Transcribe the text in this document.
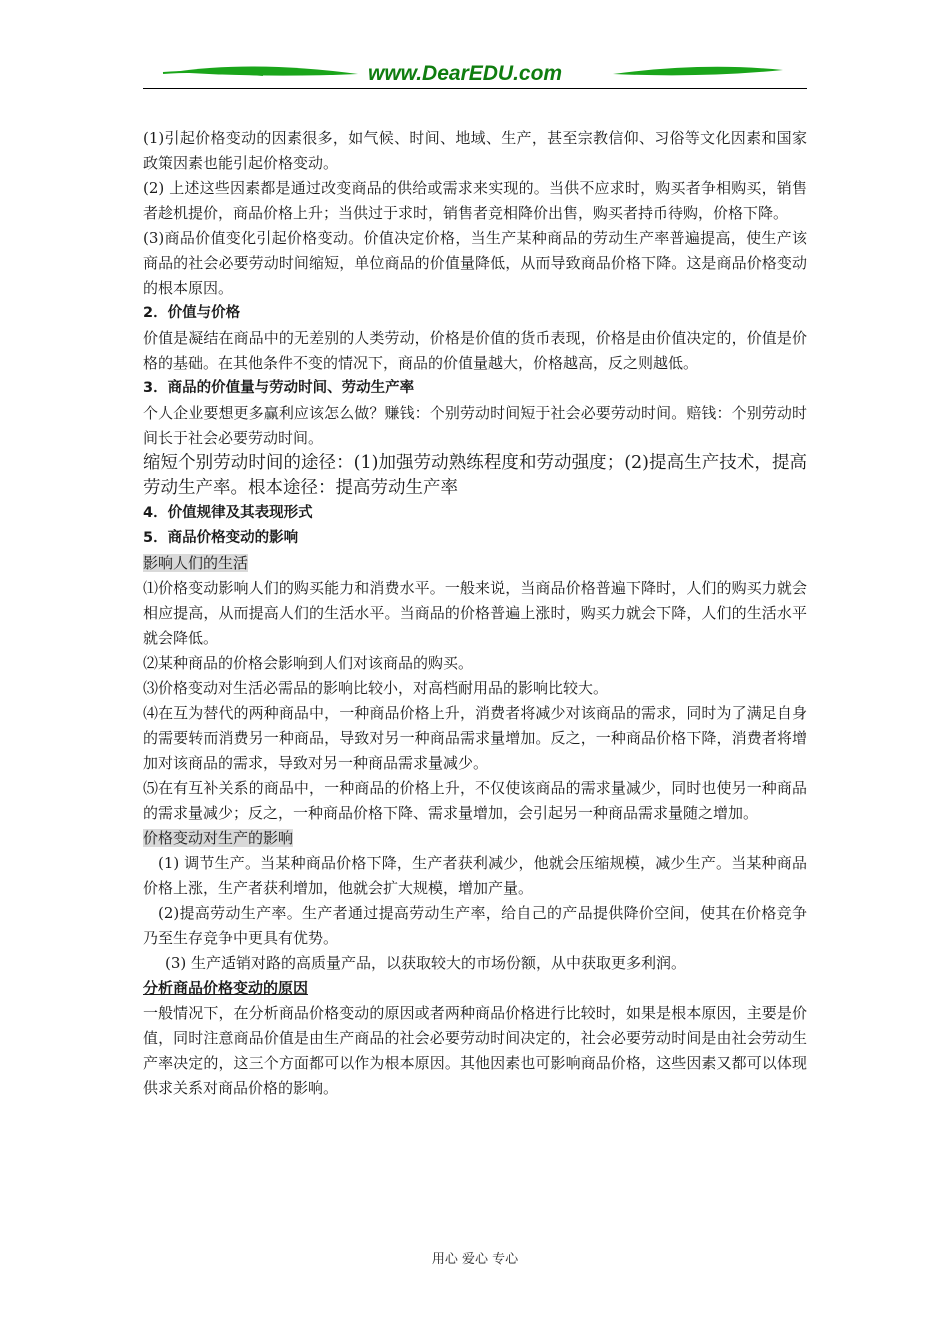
www.DearEDU.com

(1)引起价格变动的因素很多，如气候、时间、地域、生产，甚至宗教信仰、习俗等文化因素和国家政策因素也能引起价格变动。

(2) 上述这些因素都是通过改变商品的供给或需求来实现的。当供不应求时，购买者争相购买，销售者趁机提价，商品价格上升；当供过于求时，销售者竞相降价出售，购买者持币待购，价格下降。

(3)商品价值变化引起价格变动。价值决定价格，当生产某种商品的劳动生产率普遍提高，使生产该商品的社会必要劳动时间缩短，单位商品的价值量降低，从而导致商品价格下降。这是商品价格变动的根本原因。

2．价值与价格

价值是凝结在商品中的无差别的人类劳动，价格是价值的货币表现，价格是由价值决定的，价值是价格的基础。在其他条件不变的情况下，商品的价值量越大，价格越高，反之则越低。

3．商品的价值量与劳动时间、劳动生产率

个人企业要想更多赢利应该怎么做？赚钱：个别劳动时间短于社会必要劳动时间。赔钱：个别劳动时间长于社会必要劳动时间。

缩短个别劳动时间的途径：(1)加强劳动熟练程度和劳动强度；(2)提高生产技术，提高劳动生产率。根本途径：提高劳动生产率

4．价值规律及其表现形式

5．商品价格变动的影响

影响人们的生活

⑴价格变动影响人们的购买能力和消费水平。一般来说，当商品价格普遍下降时，人们的购买力就会相应提高，从而提高人们的生活水平。当商品的价格普遍上涨时，购买力就会下降，人们的生活水平就会降低。

⑵某种商品的价格会影响到人们对该商品的购买。

⑶价格变动对生活必需品的影响比较小，对高档耐用品的影响比较大。

⑷在互为替代的两种商品中，一种商品价格上升，消费者将减少对该商品的需求，同时为了满足自身的需要转而消费另一种商品，导致对另一种商品需求量增加。反之，一种商品价格下降，消费者将增加对该商品的需求，导致对另一种商品需求量减少。

⑸在有互补关系的商品中，一种商品的价格上升，不仅使该商品的需求量减少，同时也使另一种商品的需求量减少；反之，一种商品价格下降、需求量增加，会引起另一种商品需求量随之增加。

价格变动对生产的影响

(1) 调节生产。当某种商品价格下降，生产者获利减少，他就会压缩规模，减少生产。当某种商品价格上涨，生产者获利增加，他就会扩大规模，增加产量。

(2)提高劳动生产率。生产者通过提高劳动生产率，给自己的产品提供降价空间，使其在价格竞争乃至生存竞争中更具有优势。

(3) 生产适销对路的高质量产品，以获取较大的市场份额，从中获取更多利润。

分析商品价格变动的原因

一般情况下，在分析商品价格变动的原因或者两种商品价格进行比较时，如果是根本原因，主要是价值，同时注意商品价值是由生产商品的社会必要劳动时间决定的，社会必要劳动时间是由社会劳动生产率决定的，这三个方面都可以作为根本原因。其他因素也可影响商品价格，这些因素又都可以体现供求关系对商品价格的影响。

用心 爱心 专心
